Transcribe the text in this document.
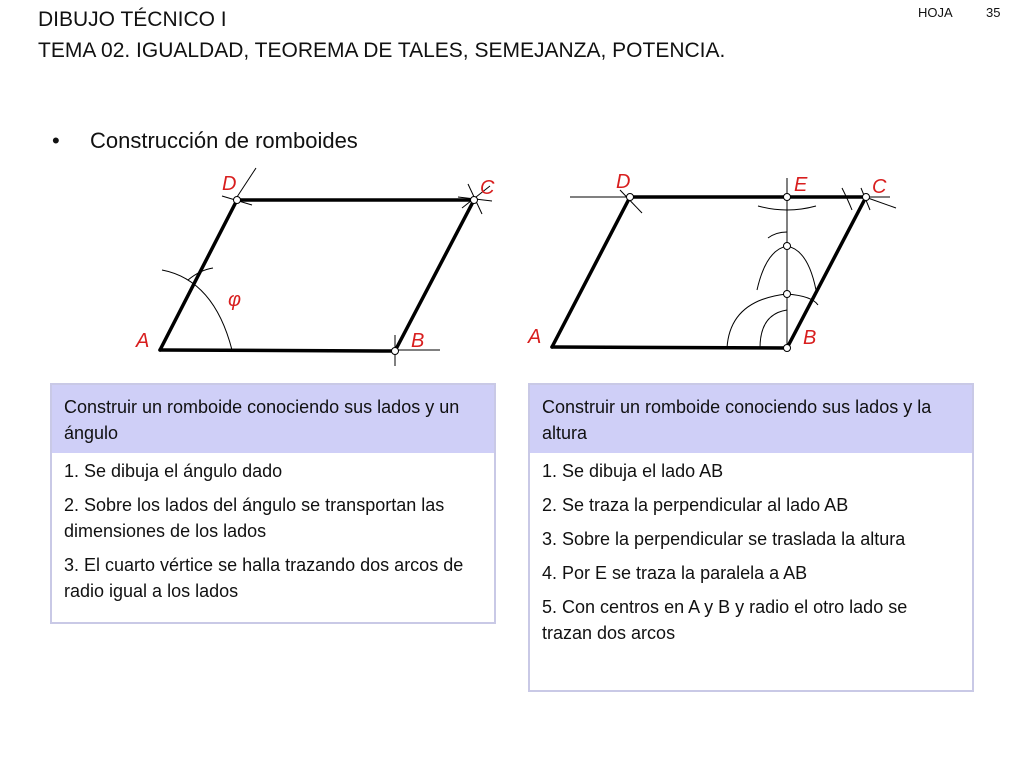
DIBUJO TÉCNICO I
TEMA 02. IGUALDAD, TEOREMA DE TALES, SEMEJANZA, POTENCIA.
HOJA	35
• Construcción de romboides
A	B
C
D
φ
A	B
C
D	E
Construir un romboide conociendo sus lados y un ángulo
1. Se dibuja el ángulo dado
2. Sobre los lados del ángulo se transportan las dimensiones de los lados
3. El cuarto vértice se halla trazando dos arcos de radio igual a los lados
Construir un romboide conociendo sus lados y la altura
1. Se dibuja el lado AB
2. Se traza la perpendicular al lado AB
3. Sobre la perpendicular se traslada la altura
4. Por E se traza la paralela a AB
5. Con centros en A y B y radio el otro lado se trazan dos arcos
